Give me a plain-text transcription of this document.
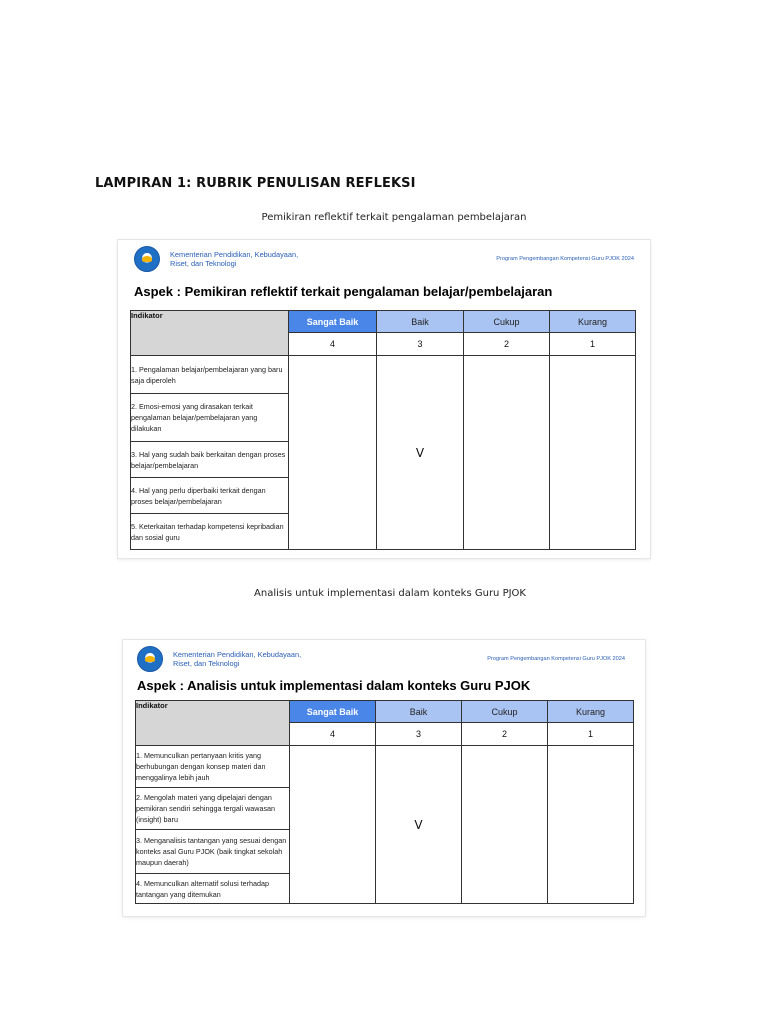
LAMPIRAN 1: RUBRIK PENULISAN REFLEKSI
Pemikiran reflektif terkait pengalaman pembelajaran
Kementerian Pendidikan, Kebudayaan, Riset, dan Teknologi	Program Pengembangan Kompetensi Guru PJOK 2024
Aspek : Pemikiran reflektif terkait pengalaman belajar/pembelajaran
Indikator	Sangat Baik	Baik	Cukup	Kurang
	4	3	2	1
1. Pengalaman belajar/pembelajaran yang baru saja diperoleh		V		
2. Emosi-emosi yang dirasakan terkait pengalaman belajar/pembelajaran yang dilakukan				
3. Hal yang sudah baik berkaitan dengan proses belajar/pembelajaran				
4. Hal yang perlu diperbaiki terkait dengan proses belajar/pembelajaran				
5. Keterkaitan terhadap kompetensi kepribadian dan sosial guru				
Analisis untuk implementasi dalam konteks Guru PJOK
Kementerian Pendidikan, Kebudayaan, Riset, dan Teknologi	Program Pengembangan Kompetensi Guru PJOK 2024
Aspek : Analisis untuk implementasi dalam konteks Guru PJOK
Indikator	Sangat Baik	Baik	Cukup	Kurang
	4	3	2	1
1. Memunculkan pertanyaan kritis yang berhubungan dengan konsep materi dan menggalinya lebih jauh		V		
2. Mengolah materi yang dipelajari dengan pemikiran sendiri sehingga tergali wawasan (insight) baru				
3. Menganalisis tantangan yang sesuai dengan konteks asal Guru PJOK (baik tingkat sekolah maupun daerah)				
4. Memunculkan alternatif solusi terhadap tantangan yang ditemukan				
